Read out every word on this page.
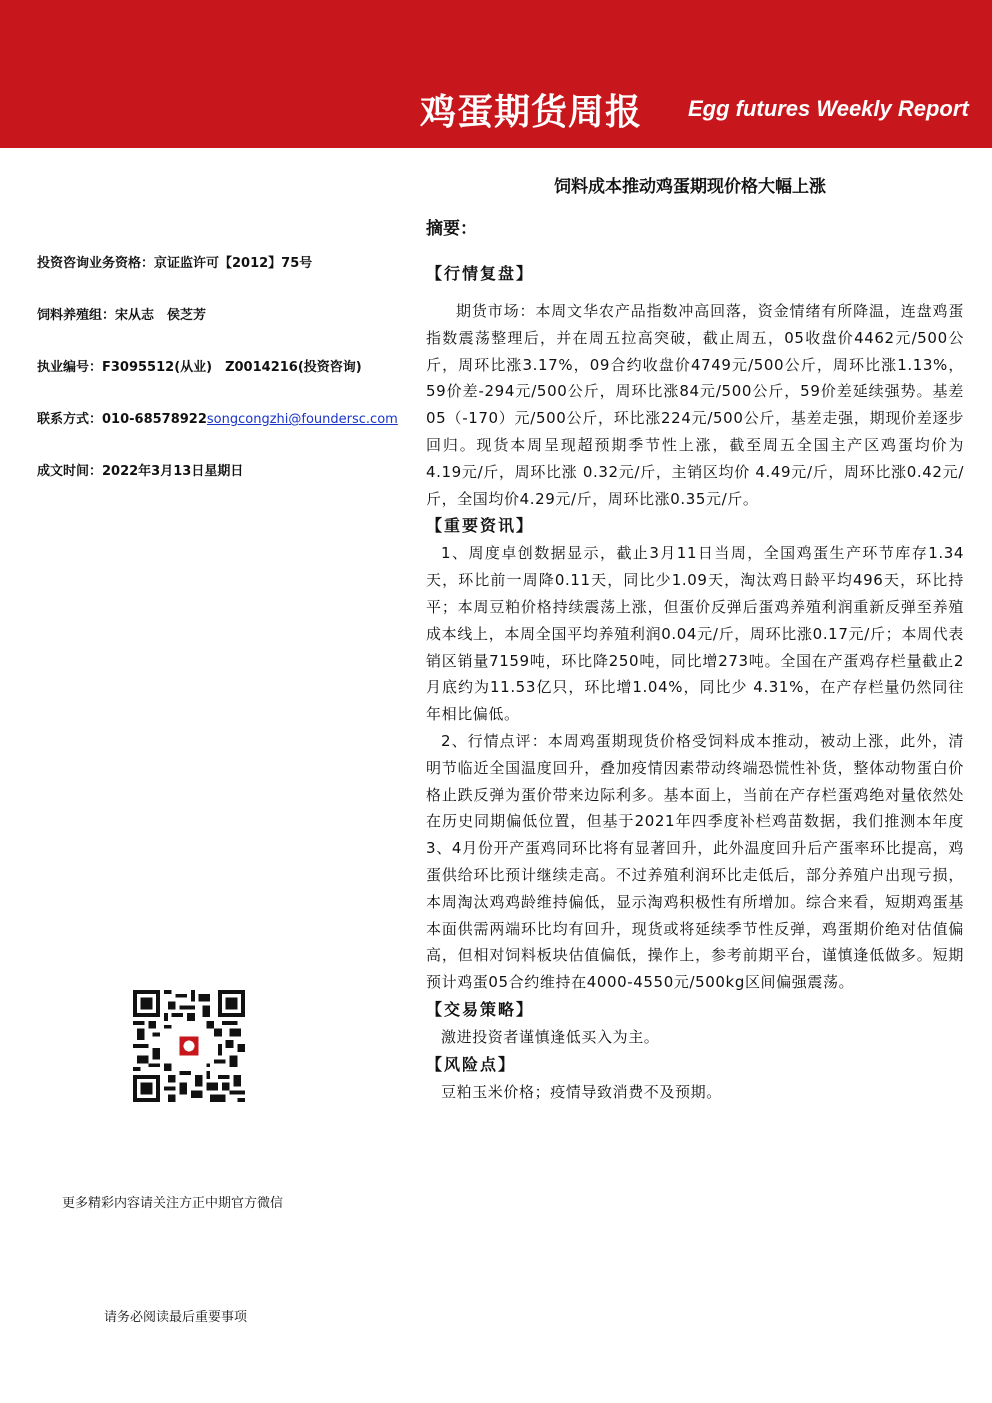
鸡蛋期货周报 Egg futures Weekly Report
饲料成本推动鸡蛋期现价格大幅上涨
投资咨询业务资格：京证监许可【2012】75号
饲料养殖组：宋从志　侯芝芳
执业编号：F3095512(从业)　Z0014216(投资咨询)
联系方式：010-68578922songcongzhi@foundersc.com
成文时间：2022年3月13日星期日
更多精彩内容请关注方正中期官方微信
请务必阅读最后重要事项
摘要：
【行情复盘】

期货市场：本周文华农产品指数冲高回落，资金情绪有所降温，连盘鸡蛋指数震荡整理后，并在周五拉高突破，截止周五，05收盘价4462元/500公斤，周环比涨3.17%，09合约收盘价4749元/500公斤，周环比涨1.13%，59价差-294元/500公斤，周环比涨84元/500公斤，59价差延续强势。基差05（-170）元/500公斤，环比涨224元/500公斤，基差走强，期现价差逐步回归。现货本周呈现超预期季节性上涨，截至周五全国主产区鸡蛋均价为 4.19元/斤，周环比涨 0.32元/斤，主销区均价 4.49元/斤，周环比涨0.42元/斤，全国均价4.29元/斤，周环比涨0.35元/斤。

【重要资讯】

1、周度卓创数据显示，截止3月11日当周，全国鸡蛋生产环节库存1.34天，环比前一周降0.11天，同比少1.09天，淘汰鸡日龄平均496天，环比持平；本周豆粕价格持续震荡上涨，但蛋价反弹后蛋鸡养殖利润重新反弹至养殖成本线上，本周全国平均养殖利润0.04元/斤，周环比涨0.17元/斤；本周代表销区销量7159吨，环比降250吨，同比增273吨。全国在产蛋鸡存栏量截止2月底约为11.53亿只，环比增1.04%，同比少 4.31%，在产存栏量仍然同往年相比偏低。

2、行情点评：本周鸡蛋期现货价格受饲料成本推动，被动上涨，此外，清明节临近全国温度回升，叠加疫情因素带动终端恐慌性补货，整体动物蛋白价格止跌反弹为蛋价带来边际利多。基本面上，当前在产存栏蛋鸡绝对量依然处在历史同期偏低位置，但基于2021年四季度补栏鸡苗数据，我们推测本年度3、4月份开产蛋鸡同环比将有显著回升，此外温度回升后产蛋率环比提高，鸡蛋供给环比预计继续走高。不过养殖利润环比走低后，部分养殖户出现亏损，本周淘汰鸡鸡龄维持偏低，显示淘鸡积极性有所增加。综合来看，短期鸡蛋基本面供需两端环比均有回升，现货或将延续季节性反弹，鸡蛋期价绝对估值偏高，但相对饲料板块估值偏低，操作上，参考前期平台，谨慎逢低做多。短期预计鸡蛋05合约维持在4000-4550元/500kg区间偏强震荡。

【交易策略】

激进投资者谨慎逢低买入为主。

【风险点】

豆粕玉米价格；疫情导致消费不及预期。
